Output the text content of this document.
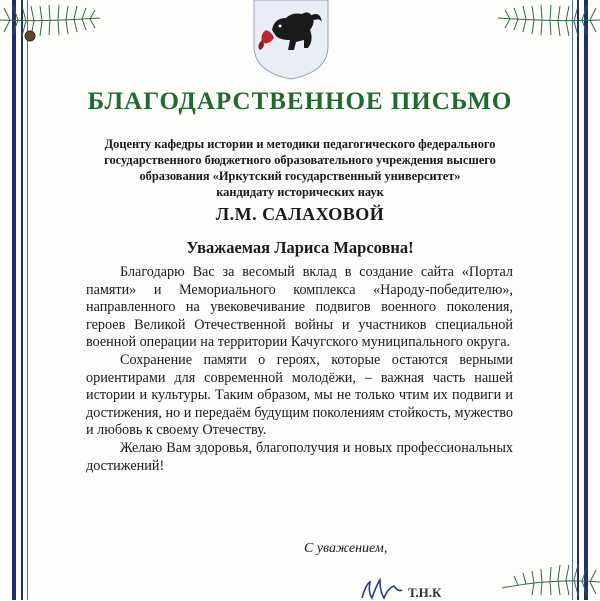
БЛАГОДАРСТВЕННОЕ ПИСЬМО
Доценту кафедры истории и методики педагогического федерального
государственного бюджетного образовательного учреждения высшего
образования «Иркутский государственный университет»
кандидату исторических наук
Л.М. САЛАХОВОЙ
Уважаемая Лариса Марсовна!

Благодарю Вас за весомый вклад в создание сайта «Портал памяти» и Мемориального комплекса «Народу-победителю», направленного на увековечивание подвигов военного поколения, героев Великой Отечественной войны и участников специальной военной операции на территории Качугского муниципального округа.

Сохранение памяти о героях, которые остаются верными ориентирами для современной молодёжи, – важная часть нашей истории и культуры. Таким образом, мы не только чтим их подвиги и достижения, но и передаём будущим поколениям стойкость, мужество и любовь к своему Отечеству.

Желаю Вам здоровья, благополучия и новых профессиональных достижений!

С уважением,
Т.Н.К
